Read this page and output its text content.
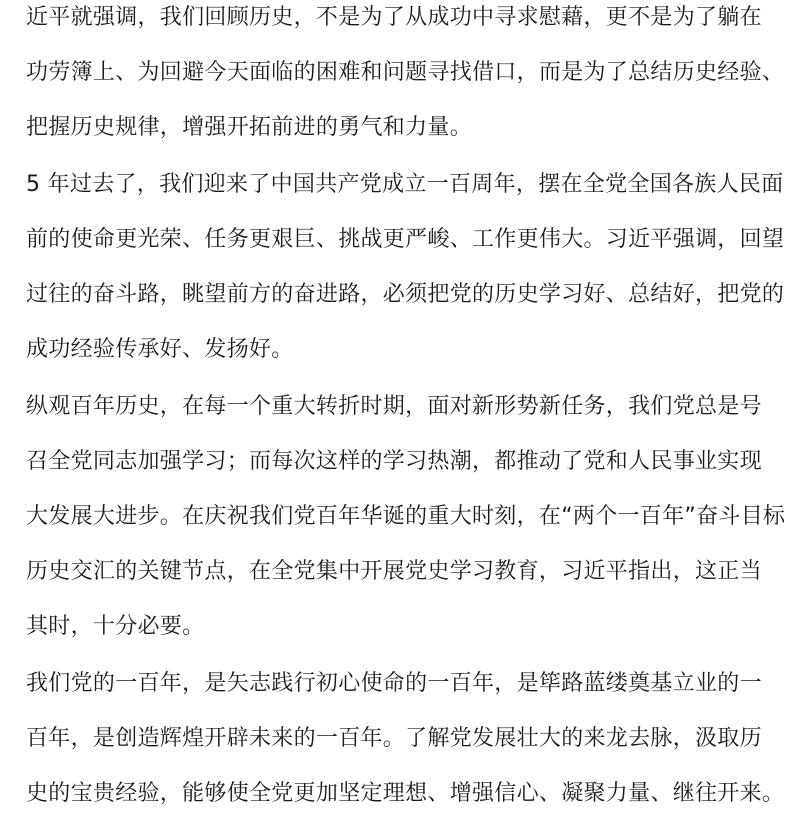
近平就强调，我们回顾历史，不是为了从成功中寻求慰藉，更不是为了躺在
功劳簿上、为回避今天面临的困难和问题寻找借口，而是为了总结历史经验、
把握历史规律，增强开拓前进的勇气和力量。
5 年过去了，我们迎来了中国共产党成立一百周年，摆在全党全国各族人民面
前的使命更光荣、任务更艰巨、挑战更严峻、工作更伟大。习近平强调，回望
过往的奋斗路，眺望前方的奋进路，必须把党的历史学习好、总结好，把党的
成功经验传承好、发扬好。
纵观百年历史，在每一个重大转折时期，面对新形势新任务，我们党总是号
召全党同志加强学习；而每次这样的学习热潮，都推动了党和人民事业实现
大发展大进步。在庆祝我们党百年华诞的重大时刻，在“两个一百年”奋斗目标
历史交汇的关键节点，在全党集中开展党史学习教育，习近平指出，这正当
其时，十分必要。
我们党的一百年，是矢志践行初心使命的一百年，是筚路蓝缕奠基立业的一
百年，是创造辉煌开辟未来的一百年。了解党发展壮大的来龙去脉，汲取历
史的宝贵经验，能够使全党更加坚定理想、增强信心、凝聚力量、继往开来。
